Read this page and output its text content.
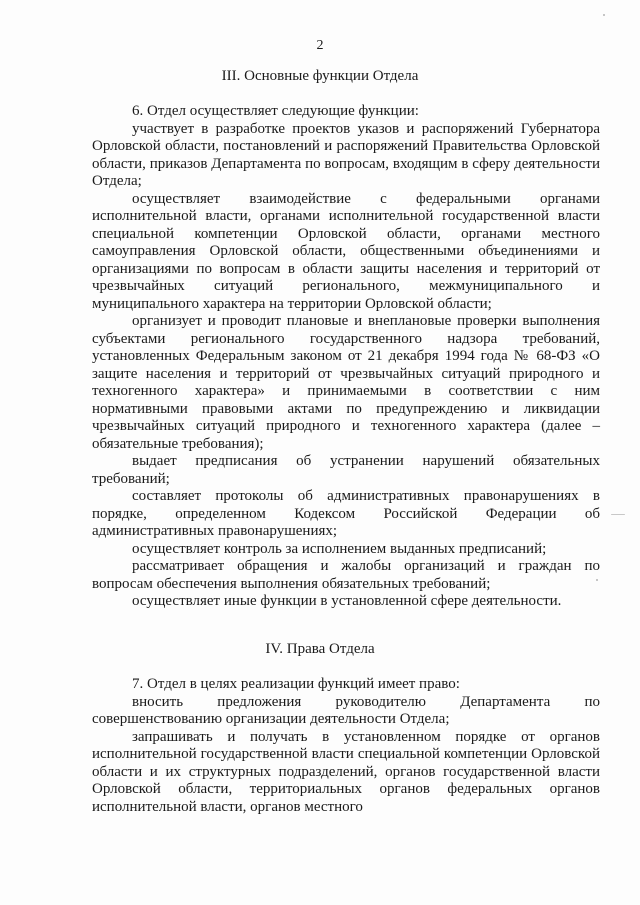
2
III. Основные функции Отдела

6. Отдел осуществляет следующие функции:

участвует в разработке проектов указов и распоряжений Губернатора Орловской области, постановлений и распоряжений Правительства Орловской области, приказов Департамента по вопросам, входящим в сферу деятельности Отдела;

осуществляет взаимодействие с федеральными органами исполнительной власти, органами исполнительной государственной власти специальной компетенции Орловской области, органами местного самоуправления Орловской области, общественными объединениями и организациями по вопросам в области защиты населения и территорий от чрезвычайных ситуаций регионального, межмуниципального и муниципального характера на территории Орловской области;

организует и проводит плановые и внеплановые проверки выполнения субъектами регионального государственного надзора требований, установленных Федеральным законом от 21 декабря 1994 года № 68-ФЗ «О защите населения и территорий от чрезвычайных ситуаций природного и техногенного характера» и принимаемыми в соответствии с ним нормативными правовыми актами по предупреждению и ликвидации чрезвычайных ситуаций природного и техногенного характера (далее – обязательные требования);

выдает предписания об устранении нарушений обязательных требований;

составляет протоколы об административных правонарушениях в порядке, определенном Кодексом Российской Федерации об административных правонарушениях;

осуществляет контроль за исполнением выданных предписаний;

рассматривает обращения и жалобы организаций и граждан по вопросам обеспечения выполнения обязательных требований;

осуществляет иные функции в установленной сфере деятельности.

IV. Права Отдела

7. Отдел в целях реализации функций имеет право:

вносить предложения руководителю Департамента по совершенствованию организации деятельности Отдела;

запрашивать и получать в установленном порядке от органов исполнительной государственной власти специальной компетенции Орловской области и их структурных подразделений, органов государственной власти Орловской области, территориальных органов федеральных органов исполнительной власти, органов местного
